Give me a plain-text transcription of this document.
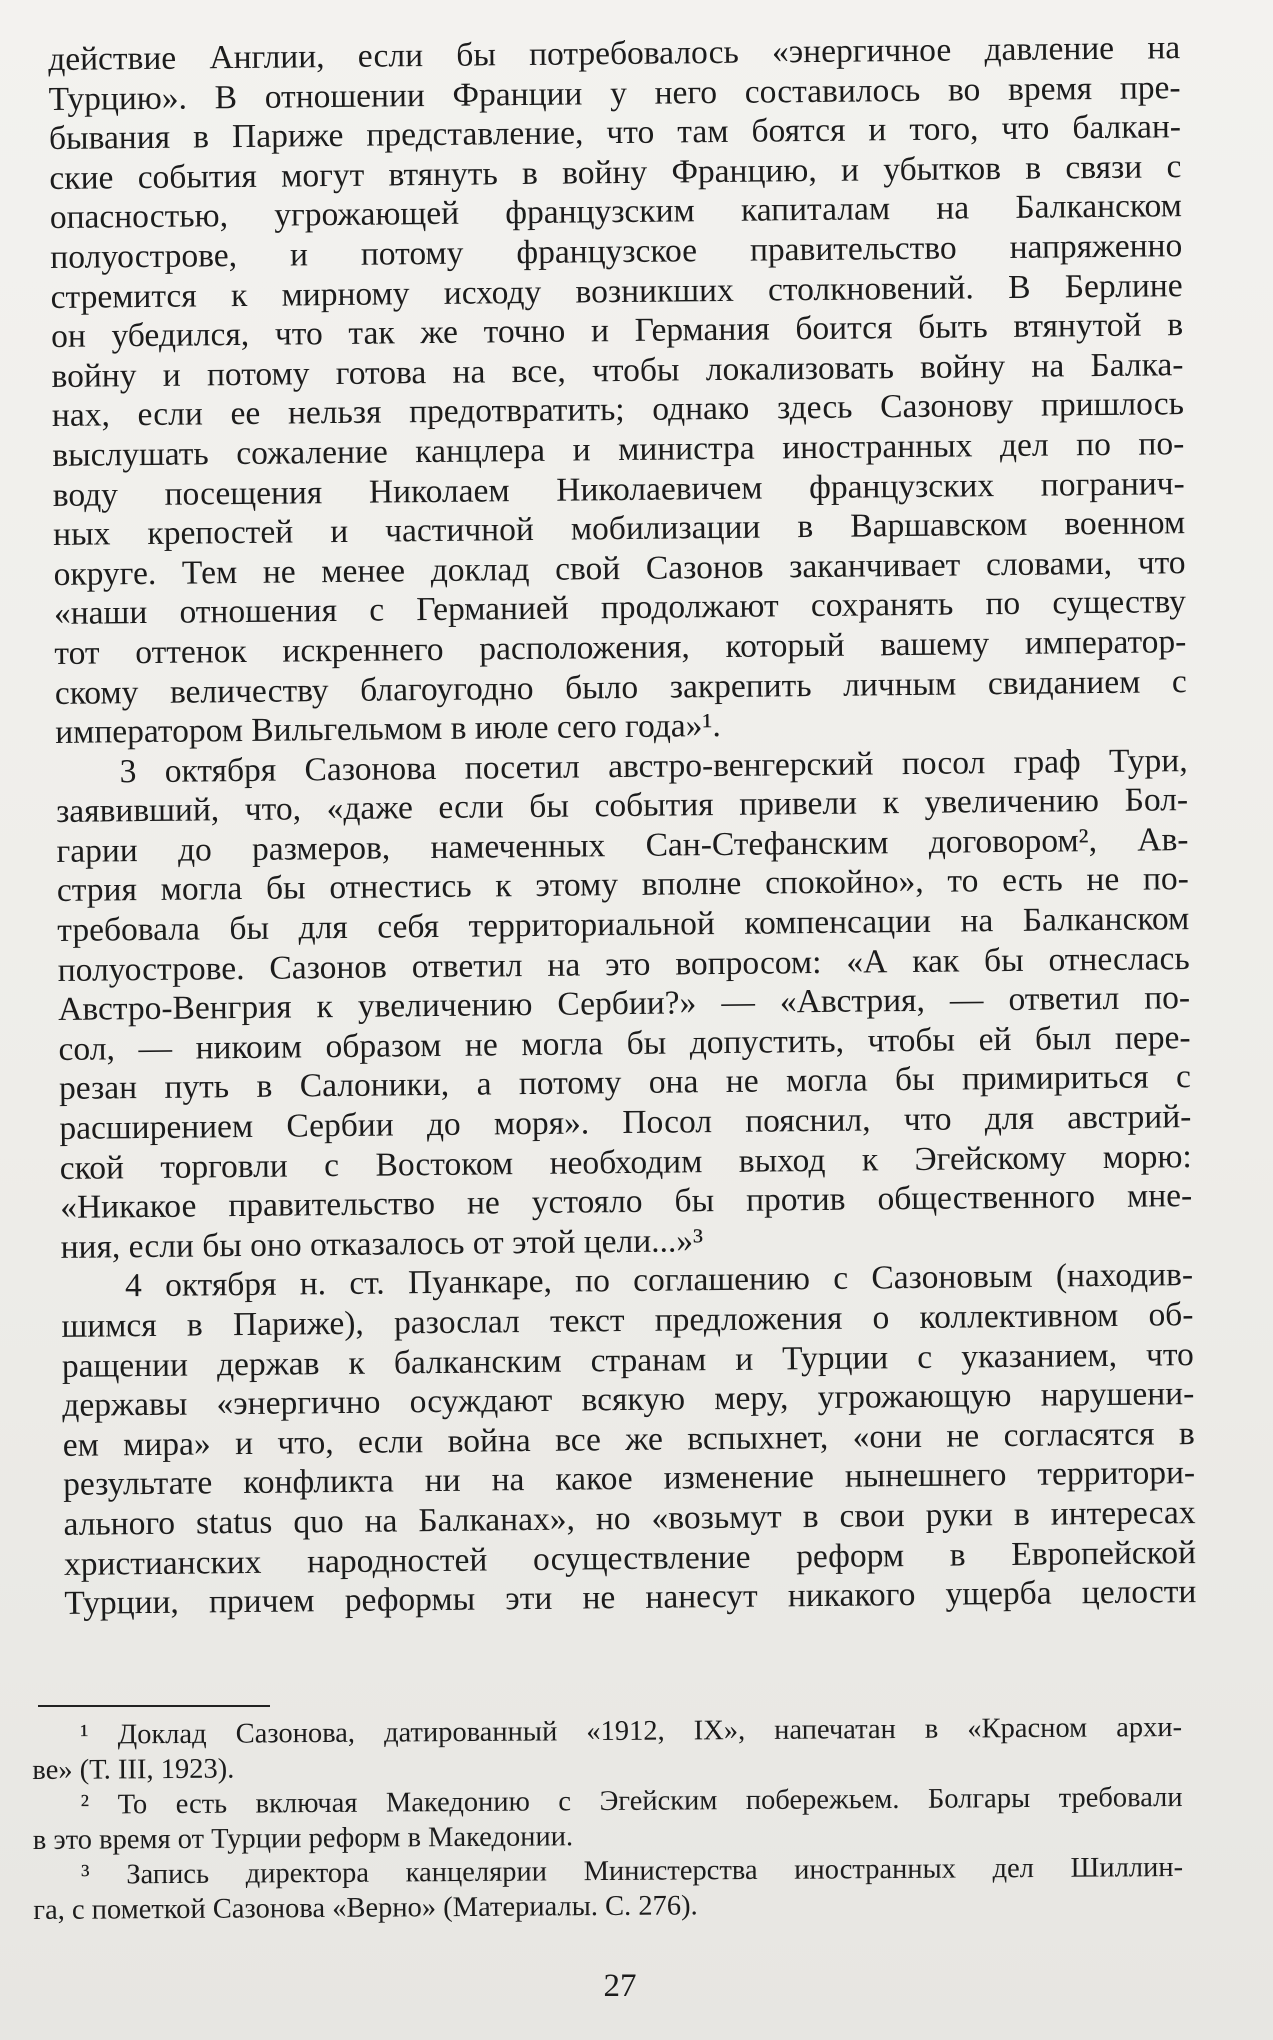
действие Англии, если бы потребовалось «энергичное давление на
Турцию». В отношении Франции у него составилось во время пре-
бывания в Париже представление, что там боятся и того, что балкан-
ские события могут втянуть в войну Францию, и убытков в связи с
опасностью, угрожающей французским капиталам на Балканском
полуострове, и потому французское правительство напряженно
стремится к мирному исходу возникших столкновений. В Берлине
он убедился, что так же точно и Германия боится быть втянутой в
войну и потому готова на все, чтобы локализовать войну на Балка-
нах, если ее нельзя предотвратить; однако здесь Сазонову пришлось
выслушать сожаление канцлера и министра иностранных дел по по-
воду посещения Николаем Николаевичем французских погранич-
ных крепостей и частичной мобилизации в Варшавском военном
округе. Тем не менее доклад свой Сазонов заканчивает словами, что
«наши отношения с Германией продолжают сохранять по существу
тот оттенок искреннего расположения, который вашему император-
скому величеству благоугодно было закрепить личным свиданием с
императором Вильгельмом в июле сего года»¹.
3 октября Сазонова посетил австро-венгерский посол граф Тури,
заявивший, что, «даже если бы события привели к увеличению Бол-
гарии до размеров, намеченных Сан-Стефанским договором², Ав-
стрия могла бы отнестись к этому вполне спокойно», то есть не по-
требовала бы для себя территориальной компенсации на Балканском
полуострове. Сазонов ответил на это вопросом: «А как бы отнеслась
Австро-Венгрия к увеличению Сербии?» — «Австрия, — ответил по-
сол, — никоим образом не могла бы допустить, чтобы ей был пере-
резан путь в Салоники, а потому она не могла бы примириться с
расширением Сербии до моря». Посол пояснил, что для австрий-
ской торговли с Востоком необходим выход к Эгейскому морю:
«Никакое правительство не устояло бы против общественного мне-
ния, если бы оно отказалось от этой цели...»³
4 октября н. ст. Пуанкаре, по соглашению с Сазоновым (находив-
шимся в Париже), разослал текст предложения о коллективном об-
ращении держав к балканским странам и Турции с указанием, что
державы «энергично осуждают всякую меру, угрожающую нарушени-
ем мира» и что, если война все же вспыхнет, «они не согласятся в
результате конфликта ни на какое изменение нынешнего территори-
ального status quo на Балканах», но «возьмут в свои руки в интересах
христианских народностей осуществление реформ в Европейской
Турции, причем реформы эти не нанесут никакого ущерба целости
¹ Доклад Сазонова, датированный «1912, IX», напечатан в «Красном архи-
ве» (Т. III, 1923).
² То есть включая Македонию с Эгейским побережьем. Болгары требовали
в это время от Турции реформ в Македонии.
³ Запись директора канцелярии Министерства иностранных дел Шиллин-
га, с пометкой Сазонова «Верно» (Материалы. С. 276).
27
